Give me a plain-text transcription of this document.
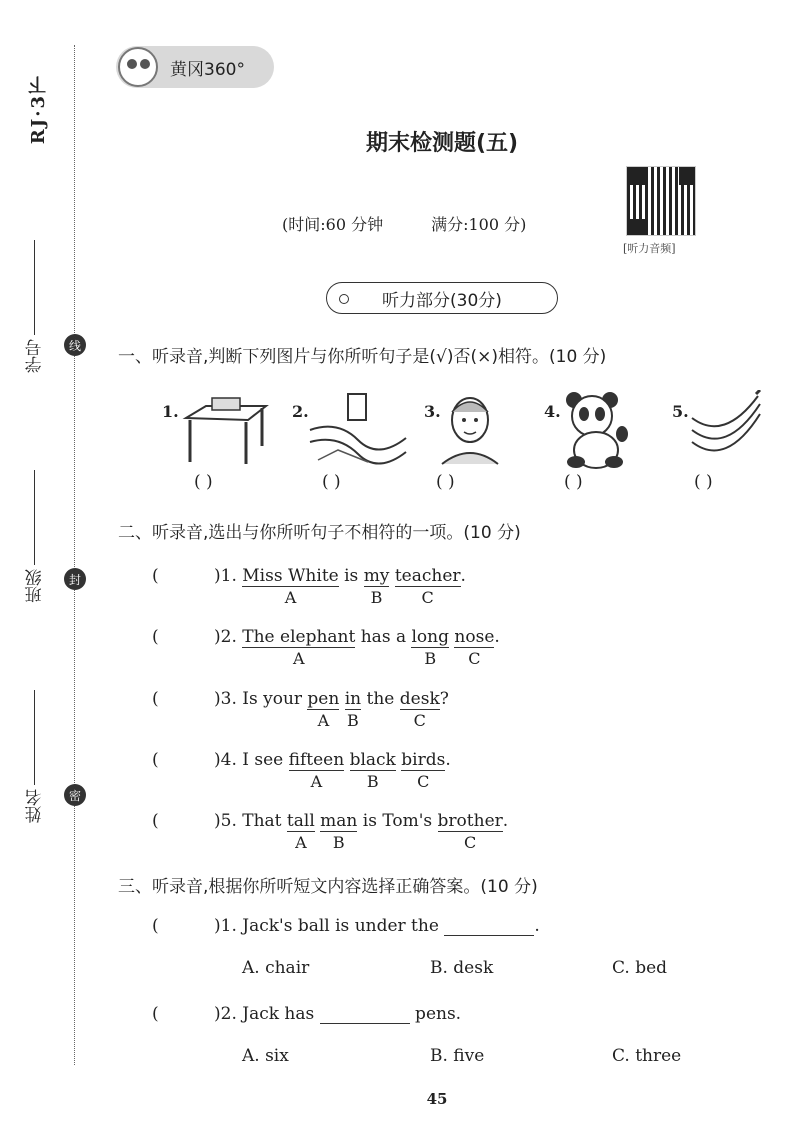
RJ·3下
学号
班级
姓名
线
封
密
黄冈360°
期末检测题(五)
(时间:60 分钟	满分:100 分)
[听力音频]
听力部分(30分)
一、听录音,判断下列图片与你所听句子是(√)否(×)相符。(10 分)
1.	2.	3.	4.	5.
( )	( )	( )	( )	( )
二、听录音,选出与你所听句子不相符的一项。(10 分)
(	)1. Miss White
A
is my
B
teacher
C
.
(	)2. The elephant
A
has a long
B
nose
C
.
(	)3. Is your pen
A
in
B
the desk
C
?
(	)4. I see fifteen
A
black
B
birds
C
.
(	)5. That tall
A
man
B
is Tom's brother
C
.
三、听录音,根据你所听短文内容选择正确答案。(10 分)
(	)1. Jack's ball is under the	.
A. chair	B. desk	C. bed
(	)2. Jack has	pens.
A. six	B. five	C. three
45
